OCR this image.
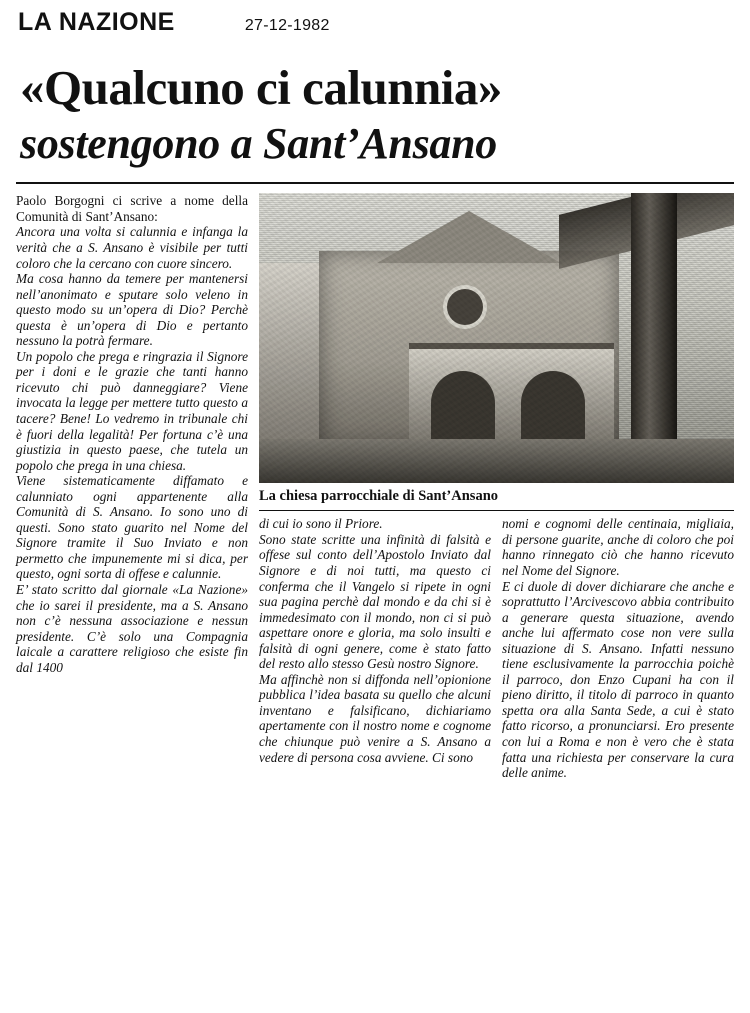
LA NAZIONE	27-12-1982
«Qualcuno ci calunnia»
sostengono a Sant’Ansano

Paolo Borgogni ci scrive a nome della Comunità di Sant’Ansano:

Ancora una volta si calunnia e infanga la verità che a S. Ansano è visibile per tutti coloro che la cercano con cuore sincero.

Ma cosa hanno da temere per mantenersi nell’anonimato e sputare solo veleno in questo modo su un’opera di Dio? Perchè questa è un’opera di Dio e pertanto nessuno la potrà fermare.

Un popolo che prega e ringrazia il Signore per i doni e le grazie che tanti hanno ricevuto chi può danneggiare? Viene invocata la legge per mettere tutto questo a tacere? Bene! Lo vedremo in tribunale chi è fuori della legalità! Per fortuna c’è una giustizia in questo paese, che tutela un popolo che prega in una chiesa.

Viene sistematicamente diffamato e calunniato ogni appartenente alla Comunità di S. Ansano. Io sono uno di questi. Sono stato guarito nel Nome del Signore tramite il Suo Inviato e non permetto che impunemente mi si dica, per questo, ogni sorta di offese e calunnie.

E’ stato scritto dal giornale «La Nazione» che io sarei il presidente, ma a S. Ansano non c’è nessuna associazione e nessun presidente. C’è solo una Compagnia laicale a carattere religioso che esiste fin dal 1400

La chiesa parrocchiale di Sant’Ansano

di cui io sono il Priore.

Sono state scritte una infinità di falsità e offese sul conto dell’Apostolo Inviato dal Signore e di noi tutti, ma questo ci conferma che il Vangelo si ripete in ogni sua pagina perchè dal mondo e da chi si è immedesimato con il mondo, non ci si può aspettare onore e gloria, ma solo insulti e falsità di ogni genere, come è stato fatto del resto allo stesso Gesù nostro Signore.

Ma affinchè non si diffonda nell’opionione pubblica l’idea basata su quello che alcuni inventano e falsificano, dichiariamo apertamente con il nostro nome e cognome che chiunque può venire a S. Ansano a vedere di persona cosa avviene. Ci sono

nomi e cognomi delle centinaia, migliaia, di persone guarite, anche di coloro che poi hanno rinnegato ciò che hanno ricevuto nel Nome del Signore.

E ci duole di dover dichiarare che anche e soprattutto l’Arcivescovo abbia contribuito a generare questa situazione, avendo anche lui affermato cose non vere sulla situazione di S. Ansano. Infatti nessuno tiene esclusivamente la parrocchia poichè il parroco, don Enzo Cupani ha con il pieno diritto, il titolo di parroco in quanto spetta ora alla Santa Sede, a cui è stato fatto ricorso, a pronunciarsi. Ero presente con lui a Roma e non è vero che è stata fatta una richiesta per conservare la cura delle anime.
